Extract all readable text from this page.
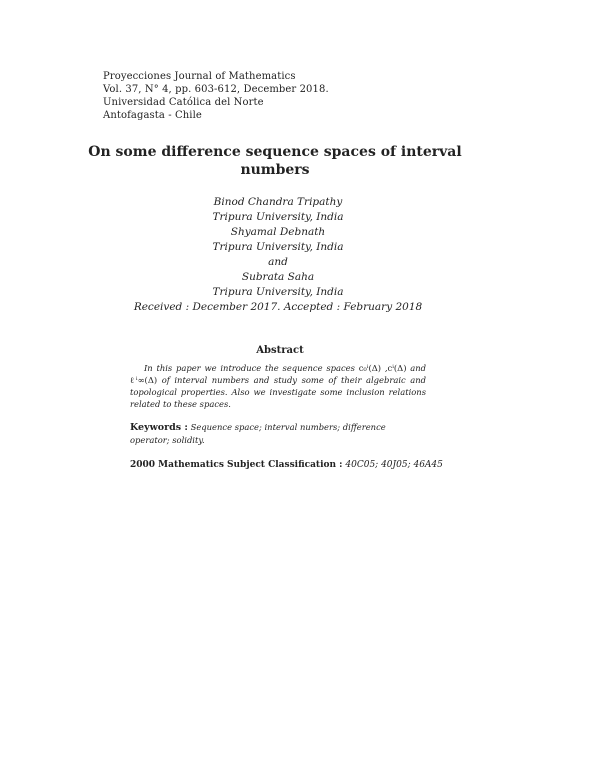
Proyecciones Journal of Mathematics
Vol. 37, N° 4, pp. 603-612, December 2018.
Universidad Católica del Norte
Antofagasta - Chile
On some difference sequence spaces of interval
numbers
Binod Chandra Tripathy
Tripura University, India
Shyamal Debnath
Tripura University, India
and
Subrata Saha
Tripura University, India
Received : December 2017. Accepted : February 2018
Abstract
In this paper we introduce the sequence spaces c₀ⁱ(Δ) ,cⁱ(Δ) and ℓⁱ∞(Δ) of interval numbers and study some of their algebraic and topological properties. Also we investigate some inclusion relations related to these spaces.
Keywords : Sequence space; interval numbers; difference operator; solidity.
2000 Mathematics Subject Classification : 40C05; 40J05; 46A45
